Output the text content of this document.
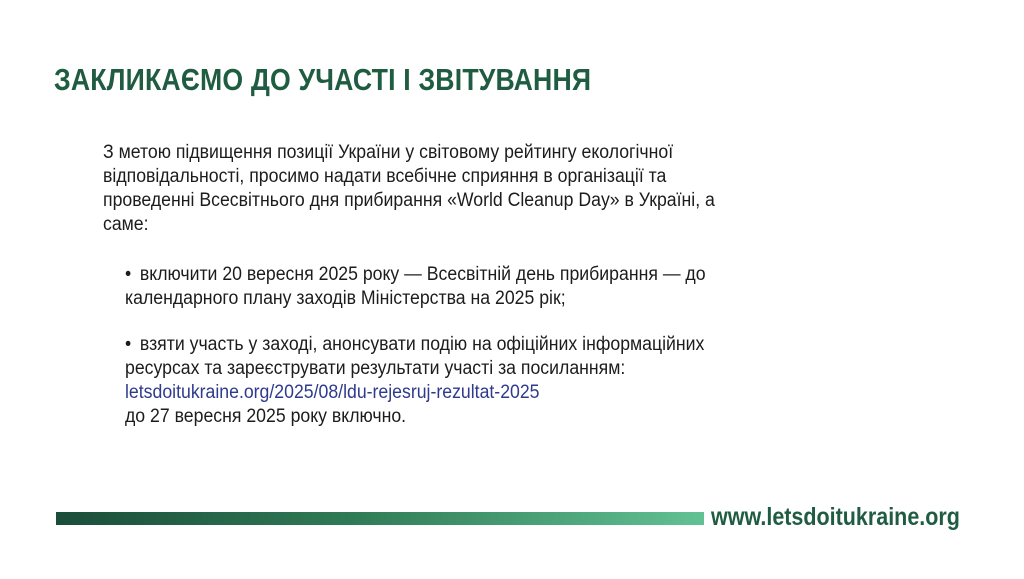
ЗАКЛИКАЄМО ДО УЧАСТІ І ЗВІТУВАННЯ

З метою підвищення позиції України у світовому рейтингу екологічної відповідальності, просимо надати всебічне сприяння в організації та проведенні Всесвітнього дня прибирання «World Cleanup Day» в Україні, а саме:

• включити 20 вересня 2025 року — Всесвітній день прибирання — до календарного плану заходів Міністерства на 2025 рік;
• взяти участь у заході, анонсувати подію на офіційних інформаційних ресурсах та зареєструвати результати участі за посиланням:
letsdoitukraine.org/2025/08/ldu-rejesruj-rezultat-2025
до 27 вересня 2025 року включно.
www.letsdoitukraine.org
